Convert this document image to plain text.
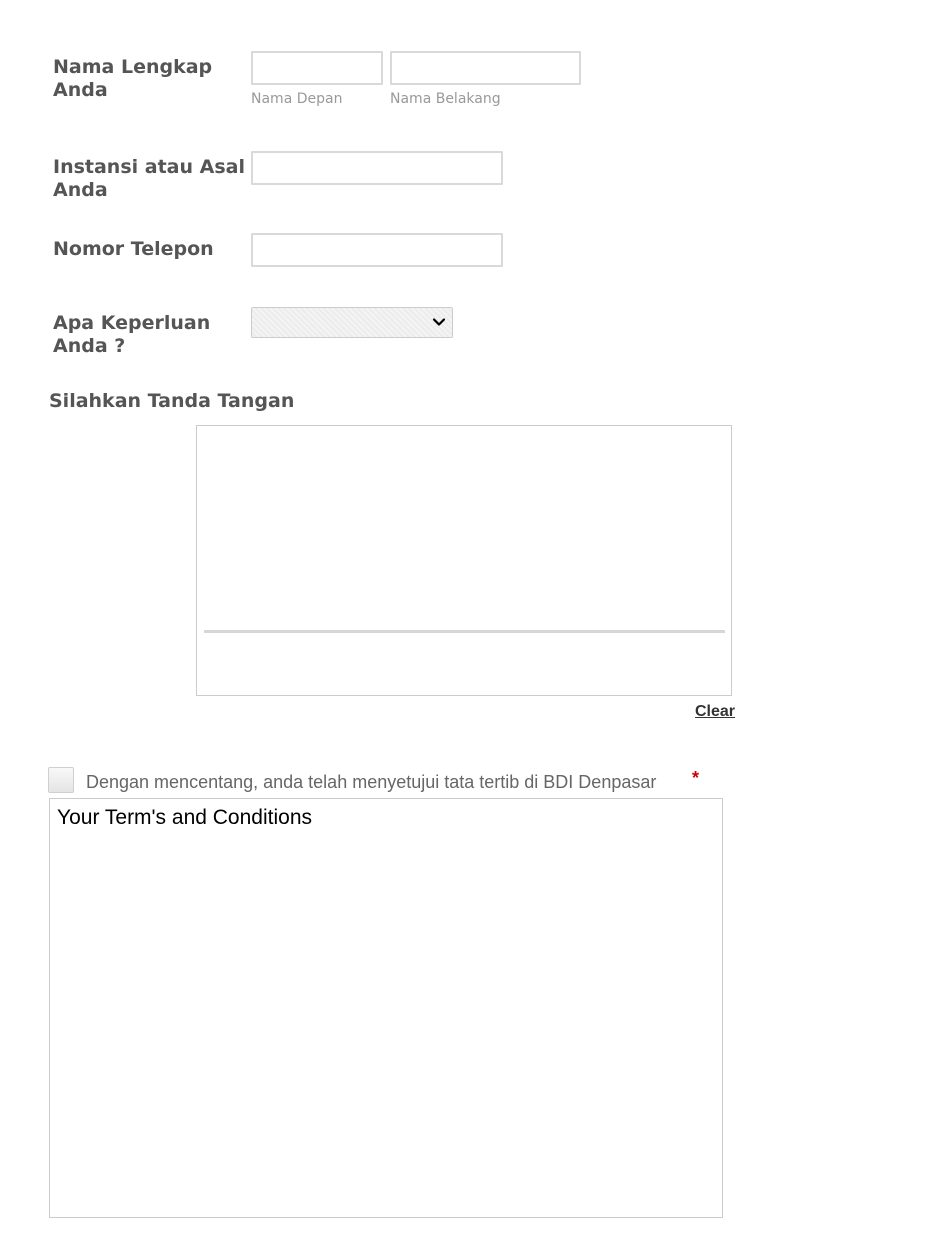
Nama Lengkap Anda	Nama Depan	Nama Belakang
Instansi atau Asal Anda
Nomor Telepon
Apa Keperluan Anda ?
Silahkan Tanda Tangan
Clear
Dengan mencentang, anda telah menyetujui tata tertib di BDI Denpasar *
Your Term's and Conditions
